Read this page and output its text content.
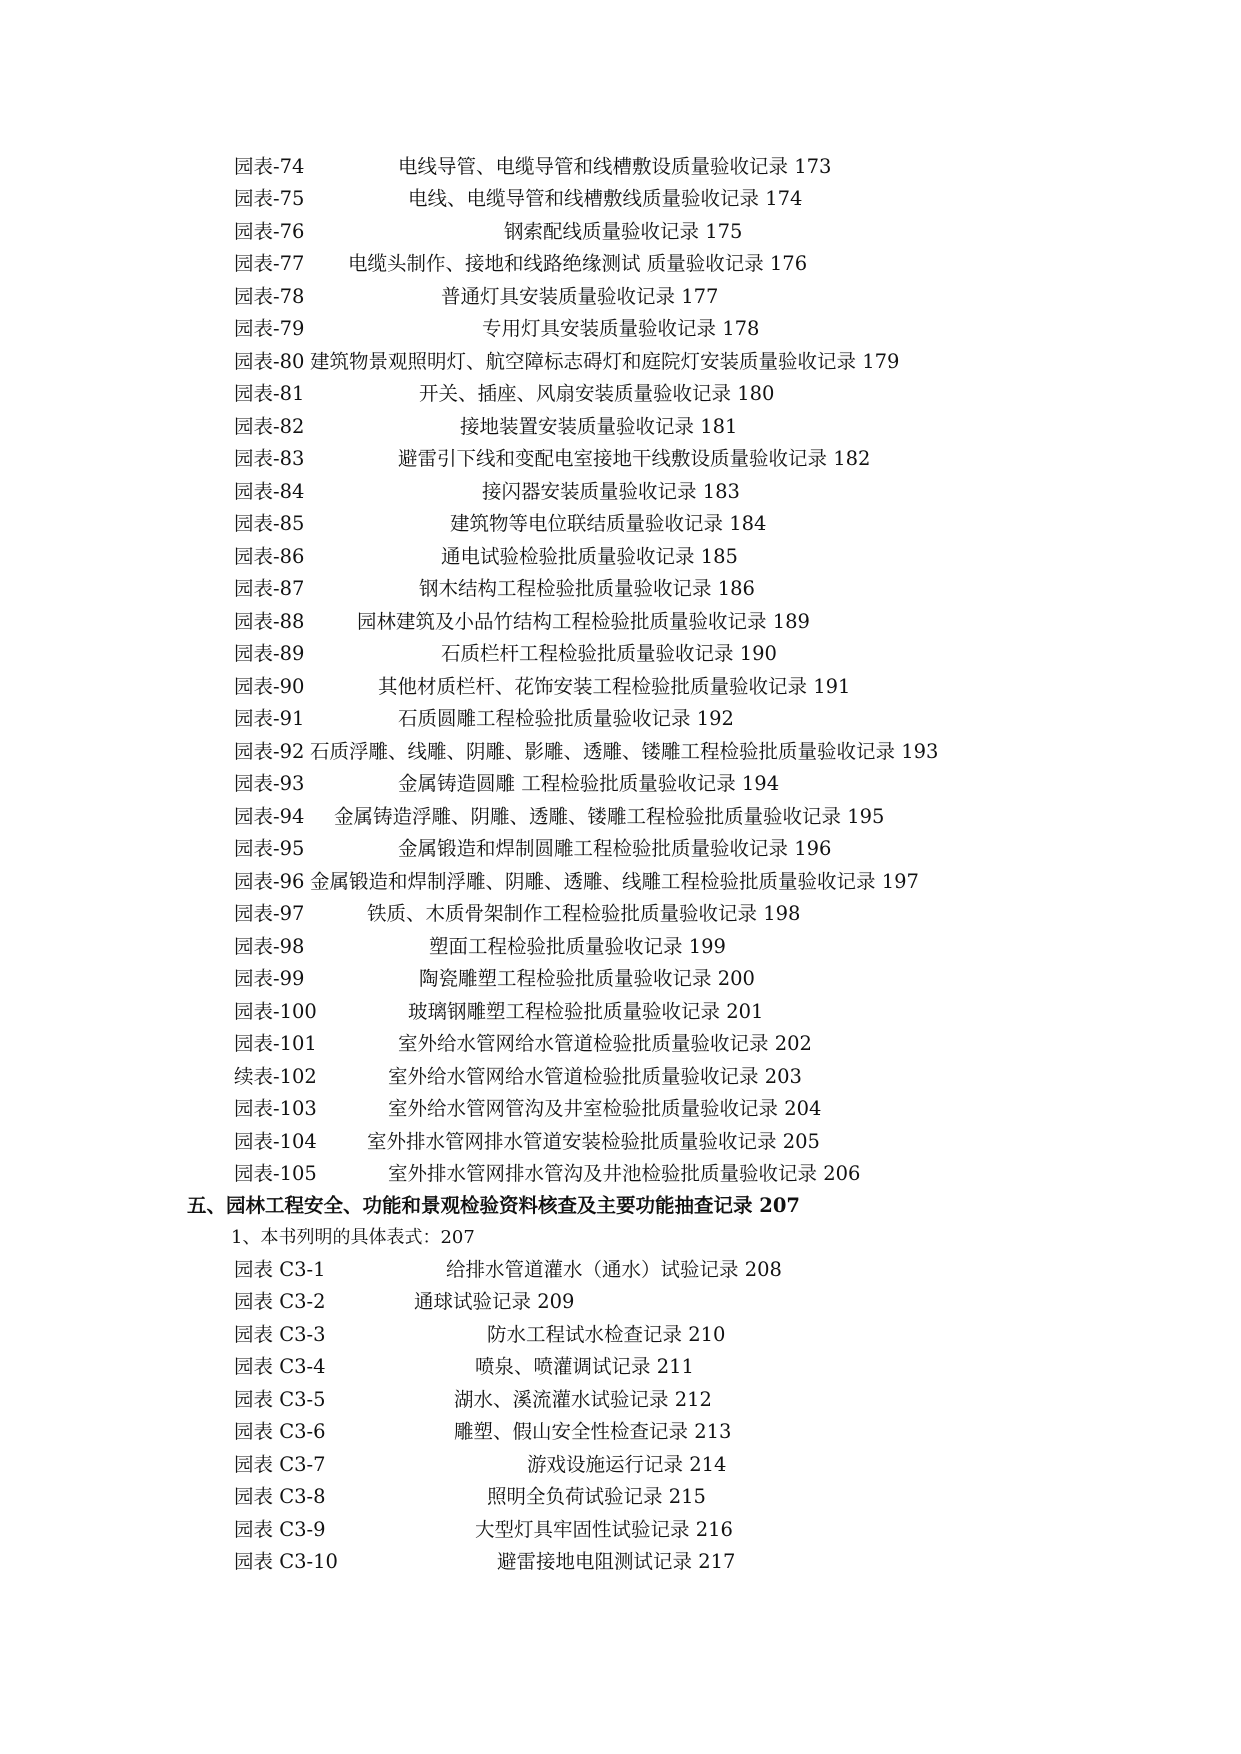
园表-74	电线导管、电缆导管和线槽敷设质量验收记录 173
园表-75	电线、电缆导管和线槽敷线质量验收记录 174
园表-76	钢索配线质量验收记录 175
园表-77 电缆头制作、接地和线路绝缘测试 质量验收记录 176
园表-78	普通灯具安装质量验收记录 177
园表-79	专用灯具安装质量验收记录 178
园表-80 建筑物景观照明灯、航空障标志碍灯和庭院灯安装质量验收记录 179
园表-81	开关、插座、风扇安装质量验收记录 180
园表-82	接地装置安装质量验收记录 181
园表-83	避雷引下线和变配电室接地干线敷设质量验收记录 182
园表-84	接闪器安装质量验收记录 183
园表-85	建筑物等电位联结质量验收记录 184
园表-86	通电试验检验批质量验收记录 185
园表-87	钢木结构工程检验批质量验收记录 186
园表-88	园林建筑及小品竹结构工程检验批质量验收记录 189
园表-89	石质栏杆工程检验批质量验收记录 190
园表-90	其他材质栏杆、花饰安装工程检验批质量验收记录 191
园表-91	石质圆雕工程检验批质量验收记录 192
园表-92 石质浮雕、线雕、阴雕、影雕、透雕、镂雕工程检验批质量验收记录 193
园表-93	金属铸造圆雕 工程检验批质量验收记录 194
园表-94 金属铸造浮雕、阴雕、透雕、镂雕工程检验批质量验收记录 195
园表-95	金属锻造和焊制圆雕工程检验批质量验收记录 196
园表-96 金属锻造和焊制浮雕、阴雕、透雕、线雕工程检验批质量验收记录 197
园表-97	铁质、木质骨架制作工程检验批质量验收记录 198
园表-98	塑面工程检验批质量验收记录 199
园表-99	陶瓷雕塑工程检验批质量验收记录 200
园表-100	玻璃钢雕塑工程检验批质量验收记录 201
园表-101	室外给水管网给水管道检验批质量验收记录 202
续表-102	室外给水管网给水管道检验批质量验收记录 203
园表-103	室外给水管网管沟及井室检验批质量验收记录 204
园表-104	室外排水管网排水管道安装检验批质量验收记录 205
园表-105	室外排水管网排水管沟及井池检验批质量验收记录 206
五、园林工程安全、功能和景观检验资料核查及主要功能抽查记录 207
1、本书列明的具体表式：207
园表 C3-1	给排水管道灌水（通水）试验记录 208
园表 C3-2	通球试验记录 209
园表 C3-3	防水工程试水检查记录 210
园表 C3-4	喷泉、喷灌调试记录 211
园表 C3-5	湖水、溪流灌水试验记录 212
园表 C3-6	雕塑、假山安全性检查记录 213
园表 C3-7	游戏设施运行记录 214
园表 C3-8	照明全负荷试验记录 215
园表 C3-9	大型灯具牢固性试验记录 216
园表 C3-10	避雷接地电阻测试记录 217
